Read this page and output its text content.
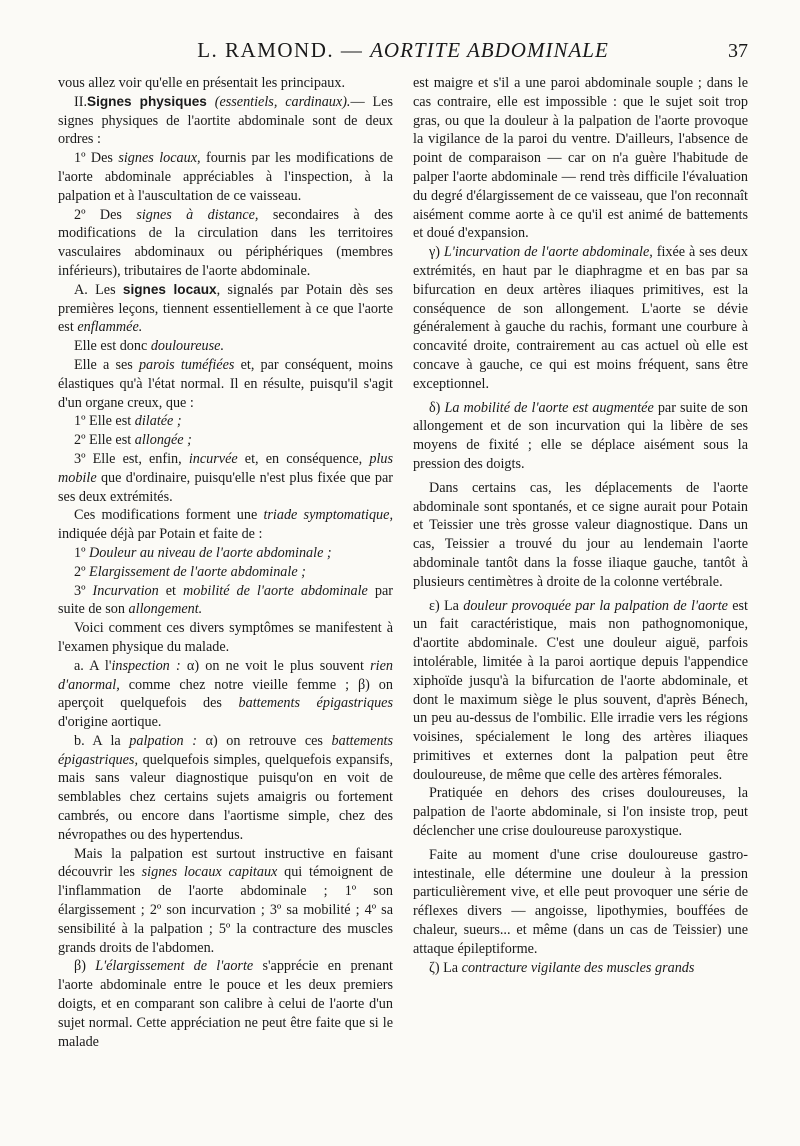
L. RAMOND. — AORTITE ABDOMINALE	37

vous allez voir qu'elle en présentait les principaux.

II.Signes physiques (essentiels, cardinaux).— Les signes physiques de l'aortite abdominale sont de deux ordres :

1º Des signes locaux, fournis par les modifications de l'aorte abdominale appréciables à l'inspection, à la palpation et à l'auscultation de ce vaisseau.

2º Des signes à distance, secondaires à des modifications de la circulation dans les territoires vasculaires abdominaux ou périphériques (membres inférieurs), tributaires de l'aorte abdominale.

A. Les signes locaux, signalés par Potain dès ses premières leçons, tiennent essentiellement à ce que l'aorte est enflammée.

Elle est donc douloureuse.

Elle a ses parois tuméfiées et, par conséquent, moins élastiques qu'à l'état normal. Il en résulte, puisqu'il s'agit d'un organe creux, que :

1º Elle est dilatée ;

2º Elle est allongée ;

3º Elle est, enfin, incurvée et, en conséquence, plus mobile que d'ordinaire, puisqu'elle n'est plus fixée que par ses deux extrémités.

Ces modifications forment une triade symptomatique, indiquée déjà par Potain et faite de :

1º Douleur au niveau de l'aorte abdominale ;

2º Elargissement de l'aorte abdominale ;

3º Incurvation et mobilité de l'aorte abdominale par suite de son allongement.

Voici comment ces divers symptômes se manifestent à l'examen physique du malade.

a. A l'inspection : α) on ne voit le plus souvent rien d'anormal, comme chez notre vieille femme ; β) on aperçoit quelquefois des battements épigastriques d'origine aortique.

b. A la palpation : α) on retrouve ces battements épigastriques, quelquefois simples, quelquefois expansifs, mais sans valeur diagnostique puisqu'on en voit de semblables chez certains sujets amaigris ou fortement cambrés, ou encore dans l'aortisme simple, chez des névropathes ou des hypertendus.

Mais la palpation est surtout instructive en faisant découvrir les signes locaux capitaux qui témoignent de l'inflammation de l'aorte abdominale ; 1º son élargissement ; 2º son incurvation ; 3º sa mobilité ; 4º sa sensibilité à la palpation ; 5º la contracture des muscles grands droits de l'abdomen.

β) L'élargissement de l'aorte s'apprécie en prenant l'aorte abdominale entre le pouce et les deux premiers doigts, et en comparant son calibre à celui de l'aorte d'un sujet normal. Cette appréciation ne peut être faite que si le malade

est maigre et s'il a une paroi abdominale souple ; dans le cas contraire, elle est impossible : que le sujet soit trop gras, ou que la douleur à la palpation de l'aorte provoque la vigilance de la paroi du ventre. D'ailleurs, l'absence de point de comparaison — car on n'a guère l'habitude de palper l'aorte abdominale — rend très difficile l'évaluation du degré d'élargissement de ce vaisseau, que l'on reconnaît aisément comme aorte à ce qu'il est animé de battements et doué d'expansion.

γ) L'incurvation de l'aorte abdominale, fixée à ses deux extrémités, en haut par le diaphragme et en bas par sa bifurcation en deux artères iliaques primitives, est la conséquence de son allongement. L'aorte se dévie généralement à gauche du rachis, formant une courbure à concavité droite, contrairement au cas actuel où elle est concave à gauche, ce qui est moins fréquent, sans être exceptionnel.

δ) La mobilité de l'aorte est augmentée par suite de son allongement et de son incurvation qui la libère de ses moyens de fixité ; elle se déplace aisément sous la pression des doigts.

Dans certains cas, les déplacements de l'aorte abdominale sont spontanés, et ce signe aurait pour Potain et Teissier une très grosse valeur diagnostique. Dans un cas, Teissier a trouvé du jour au lendemain l'aorte abdominale tantôt dans la fosse iliaque gauche, tantôt à plusieurs centimètres à droite de la colonne vertébrale.

ε) La douleur provoquée par la palpation de l'aorte est un fait caractéristique, mais non pathognomonique, d'aortite abdominale. C'est une douleur aiguë, parfois intolérable, limitée à la paroi aortique depuis l'appendice xiphoïde jusqu'à la bifurcation de l'aorte abdominale, et dont le maximum siège le plus souvent, d'après Bénech, un peu au-dessus de l'ombilic. Elle irradie vers les régions voisines, spécialement le long des artères iliaques primitives et externes dont la palpation peut être douloureuse, de même que celle des artères fémorales.

Pratiquée en dehors des crises douloureuses, la palpation de l'aorte abdominale, si l'on insiste trop, peut déclencher une crise douloureuse paroxystique.

Faite au moment d'une crise douloureuse gastro-intestinale, elle détermine une douleur à la pression particulièrement vive, et elle peut provoquer une série de réflexes divers — angoisse, lipothymies, bouffées de chaleur, sueurs... et même (dans un cas de Teissier) une attaque épileptiforme.

ζ) La contracture vigilante des muscles grands
